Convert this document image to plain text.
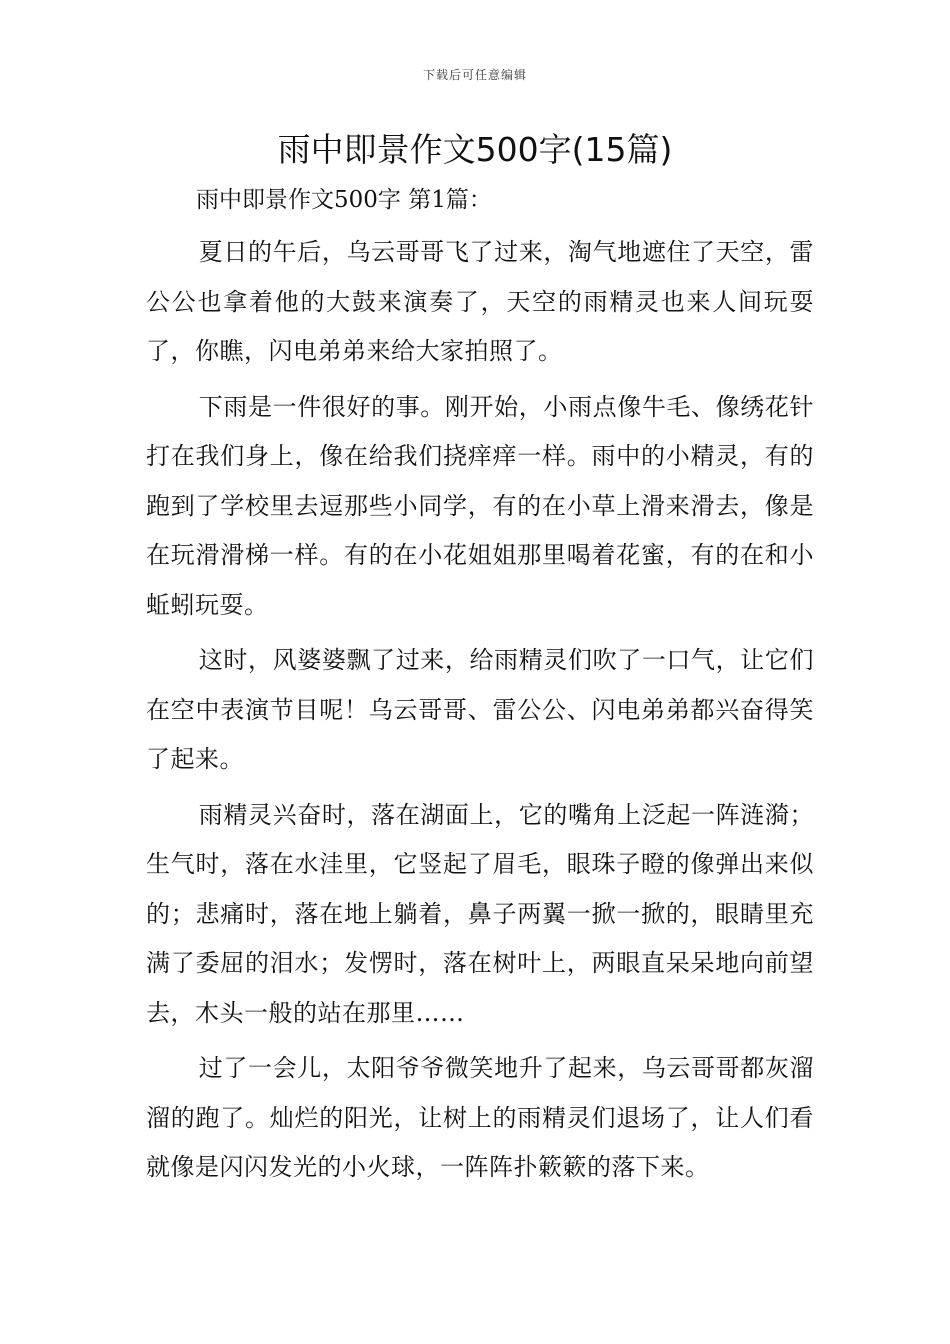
下载后可任意编辑
雨中即景作文500字(15篇)
雨中即景作文500字 第1篇：

夏日的午后，乌云哥哥飞了过来，淘气地遮住了天空，雷公公也拿着他的大鼓来演奏了，天空的雨精灵也来人间玩耍了，你瞧，闪电弟弟来给大家拍照了。

下雨是一件很好的事。刚开始，小雨点像牛毛、像绣花针打在我们身上，像在给我们挠痒痒一样。雨中的小精灵，有的跑到了学校里去逗那些小同学，有的在小草上滑来滑去，像是在玩滑滑梯一样。有的在小花姐姐那里喝着花蜜，有的在和小蚯蚓玩耍。

这时，风婆婆飘了过来，给雨精灵们吹了一口气，让它们在空中表演节目呢！乌云哥哥、雷公公、闪电弟弟都兴奋得笑了起来。

雨精灵兴奋时，落在湖面上，它的嘴角上泛起一阵涟漪；生气时，落在水洼里，它竖起了眉毛，眼珠子瞪的像弹出来似的；悲痛时，落在地上躺着，鼻子两翼一掀一掀的，眼睛里充满了委屈的泪水；发愣时，落在树叶上，两眼直呆呆地向前望去，木头一般的站在那里……

过了一会儿，太阳爷爷微笑地升了起来，乌云哥哥都灰溜溜的跑了。灿烂的阳光，让树上的雨精灵们退场了，让人们看就像是闪闪发光的小火球，一阵阵扑簌簌的落下来。
